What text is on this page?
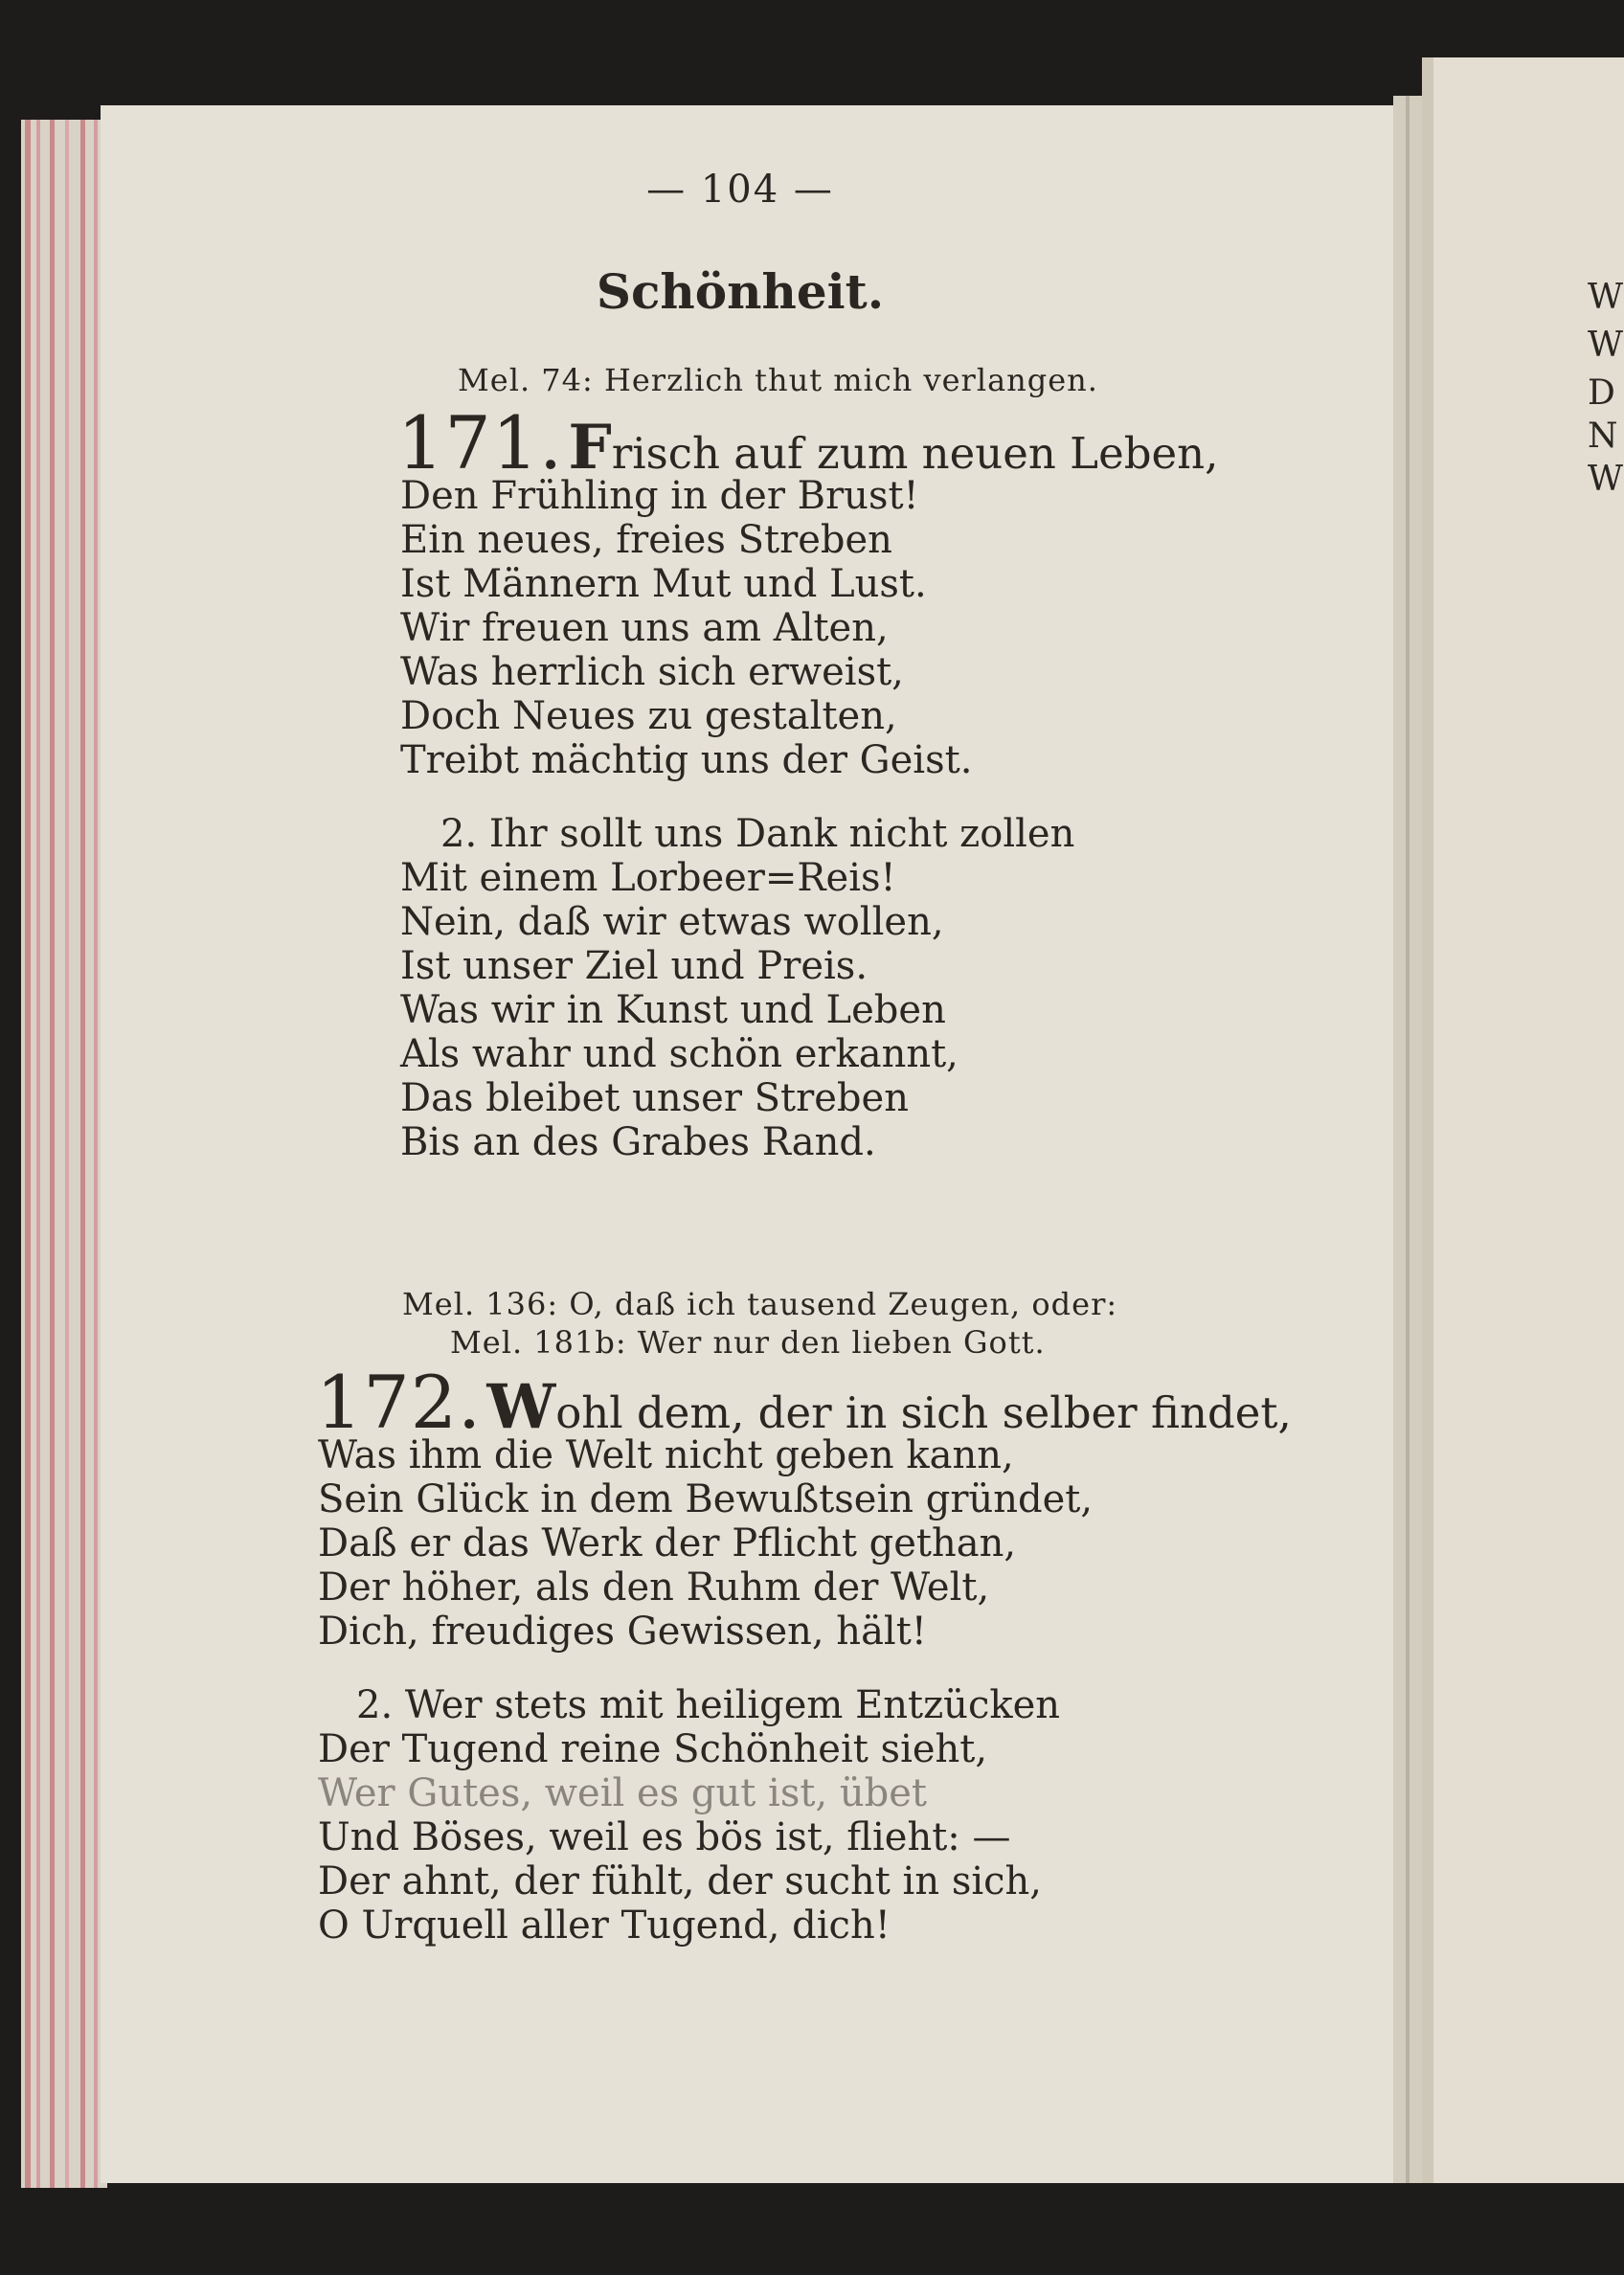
— 104 —
Schönheit.
Mel. 74: Herzlich thut mich verlangen.
171. Frisch auf zum neuen Leben,
Den Frühling in der Brust!
Ein neues, freies Streben
Ist Männern Mut und Lust.
Wir freuen uns am Alten,
Was herrlich sich erweist,
Doch Neues zu gestalten,
Treibt mächtig uns der Geist.
2. Ihr sollt uns Dank nicht zollen
Mit einem Lorbeer=Reis!
Nein, daß wir etwas wollen,
Ist unser Ziel und Preis.
Was wir in Kunst und Leben
Als wahr und schön erkannt,
Das bleibet unser Streben
Bis an des Grabes Rand.
Mel. 136: O, daß ich tausend Zeugen, oder:
Mel. 181b: Wer nur den lieben Gott.
172. Wohl dem, der in sich selber findet,
Was ihm die Welt nicht geben kann,
Sein Glück in dem Bewußtsein gründet,
Daß er das Werk der Pflicht gethan,
Der höher, als den Ruhm der Welt,
Dich, freudiges Gewissen, hält!
2. Wer stets mit heiligem Entzücken
Der Tugend reine Schönheit sieht,
Wer Gutes, weil es gut ist, übet
Und Böses, weil es bös ist, flieht: —
Der ahnt, der fühlt, der sucht in sich,
O Urquell aller Tugend, dich!
W
W
D
N
W
